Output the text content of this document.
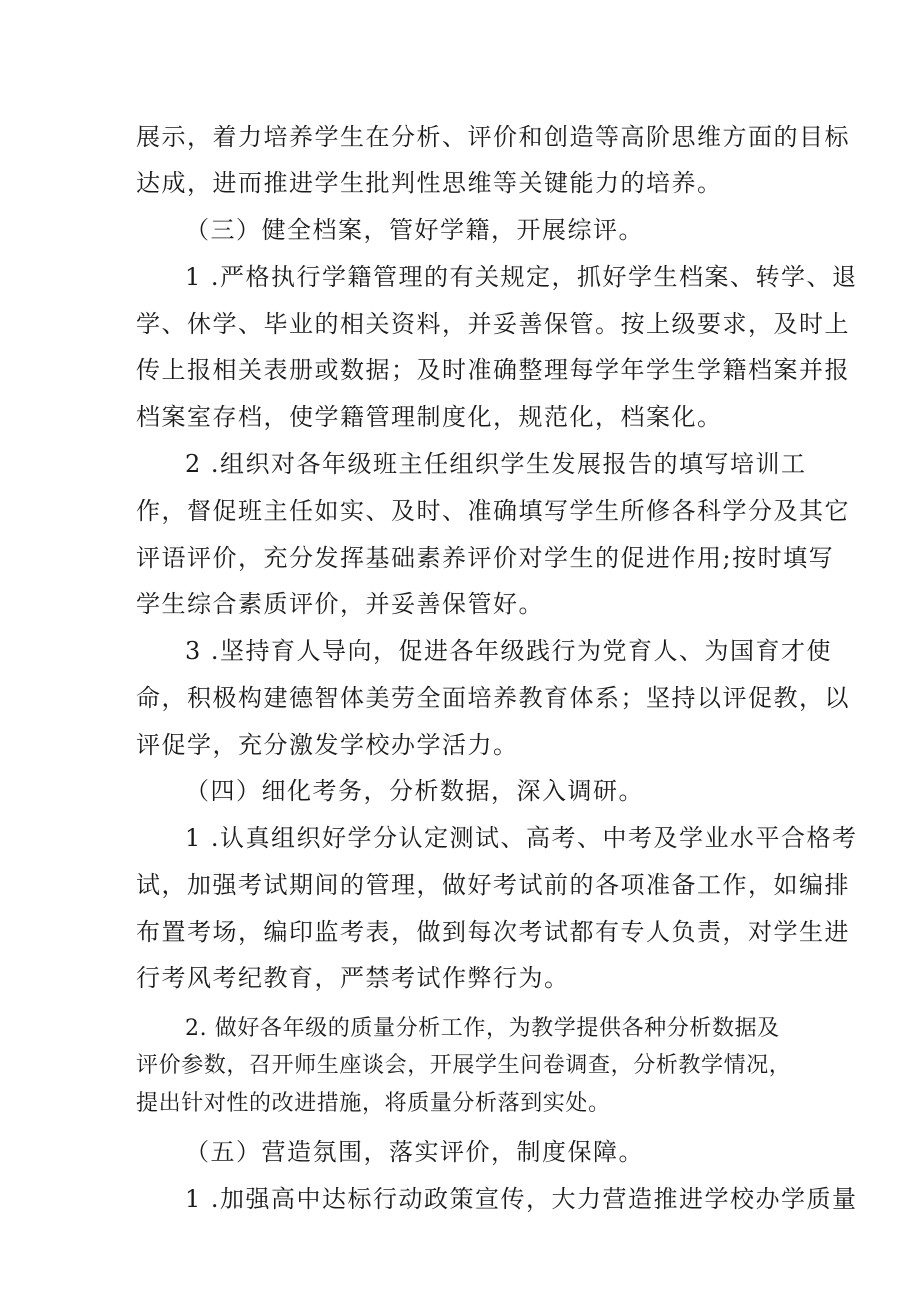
展示，着力培养学生在分析、评价和创造等高阶思维方面的目标
达成，进而推进学生批判性思维等关键能力的培养。
（三）健全档案，管好学籍，开展综评。
1 .严格执行学籍管理的有关规定，抓好学生档案、转学、退
学、休学、毕业的相关资料，并妥善保管。按上级要求，及时上
传上报相关表册或数据；及时准确整理每学年学生学籍档案并报
档案室存档，使学籍管理制度化，规范化，档案化。
2 .组织对各年级班主任组织学生发展报告的填写培训工
作，督促班主任如实、及时、准确填写学生所修各科学分及其它
评语评价，充分发挥基础素养评价对学生的促进作用;按时填写
学生综合素质评价，并妥善保管好。
3 .坚持育人导向，促进各年级践行为党育人、为国育才使
命，积极构建德智体美劳全面培养教育体系；坚持以评促教，以
评促学，充分激发学校办学活力。
（四）细化考务，分析数据，深入调研。
1 .认真组织好学分认定测试、高考、中考及学业水平合格考
试，加强考试期间的管理，做好考试前的各项准备工作，如编排
布置考场，编印监考表，做到每次考试都有专人负责，对学生进
行考风考纪教育，严禁考试作弊行为。
2. 做好各年级的质量分析工作，为教学提供各种分析数据及
评价参数，召开师生座谈会，开展学生问卷调查，分析教学情况，
提出针对性的改进措施，将质量分析落到实处。
（五）营造氛围，落实评价，制度保障。
1 .加强高中达标行动政策宣传，大力营造推进学校办学质量
